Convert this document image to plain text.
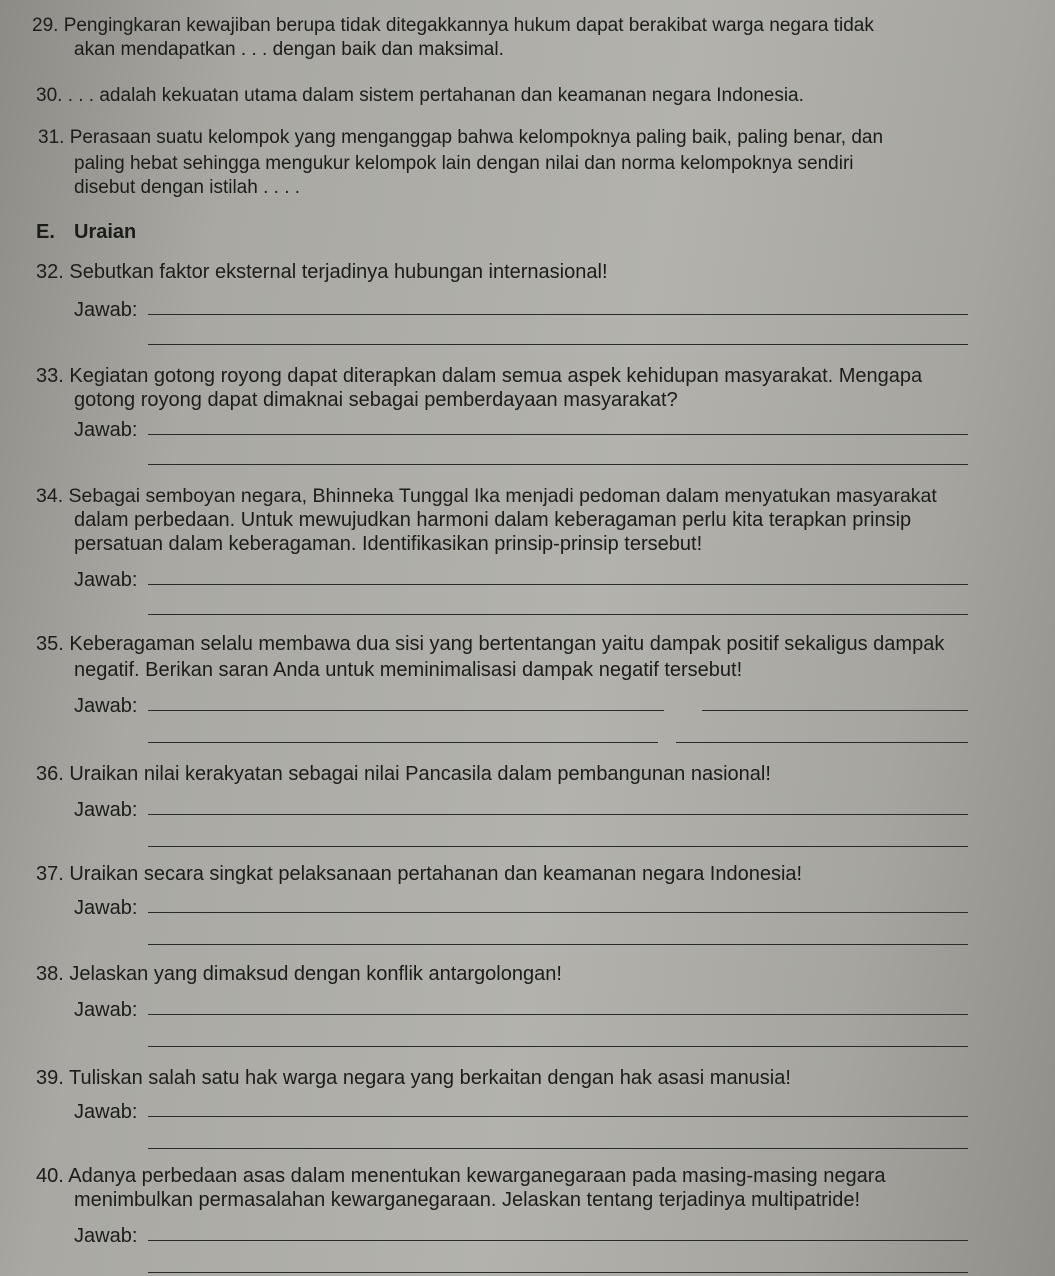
29. Pengingkaran kewajiban berupa tidak ditegakkannya hukum dapat berakibat warga negara tidak
akan mendapatkan . . . dengan baik dan maksimal.
30. . . . adalah kekuatan utama dalam sistem pertahanan dan keamanan negara Indonesia.
31. Perasaan suatu kelompok yang menganggap bahwa kelompoknya paling baik, paling benar, dan
paling hebat sehingga mengukur kelompok lain dengan nilai dan norma kelompoknya sendiri
disebut dengan istilah . . . .
E. Uraian
32. Sebutkan faktor eksternal terjadinya hubungan internasional!
Jawab:
33. Kegiatan gotong royong dapat diterapkan dalam semua aspek kehidupan masyarakat. Mengapa
gotong royong dapat dimaknai sebagai pemberdayaan masyarakat?
Jawab:
34. Sebagai semboyan negara, Bhinneka Tunggal Ika menjadi pedoman dalam menyatukan masyarakat
dalam perbedaan. Untuk mewujudkan harmoni dalam keberagaman perlu kita terapkan prinsip
persatuan dalam keberagaman. Identifikasikan prinsip-prinsip tersebut!
Jawab:
35. Keberagaman selalu membawa dua sisi yang bertentangan yaitu dampak positif sekaligus dampak
negatif. Berikan saran Anda untuk meminimalisasi dampak negatif tersebut!
Jawab:
36. Uraikan nilai kerakyatan sebagai nilai Pancasila dalam pembangunan nasional!
Jawab:
37. Uraikan secara singkat pelaksanaan pertahanan dan keamanan negara Indonesia!
Jawab:
38. Jelaskan yang dimaksud dengan konflik antargolongan!
Jawab:
39. Tuliskan salah satu hak warga negara yang berkaitan dengan hak asasi manusia!
Jawab:
40. Adanya perbedaan asas dalam menentukan kewarganegaraan pada masing-masing negara
menimbulkan permasalahan kewarganegaraan. Jelaskan tentang terjadinya multipatride!
Jawab:
